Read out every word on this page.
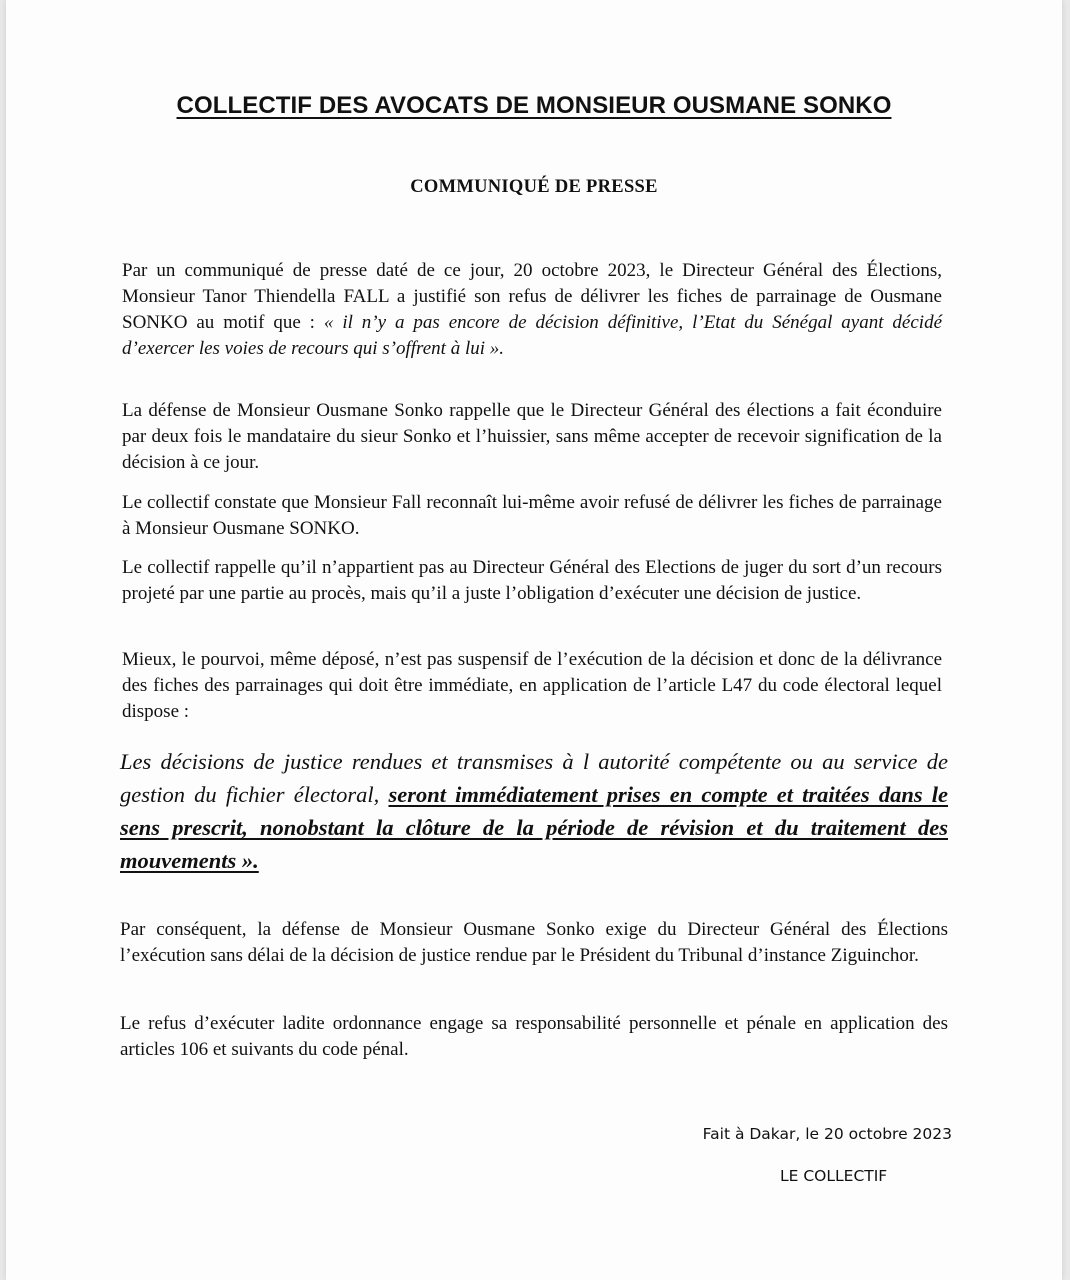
COLLECTIF DES AVOCATS DE MONSIEUR OUSMANE SONKO
COMMUNIQUÉ DE PRESSE

Par un communiqué de presse daté de ce jour, 20 octobre 2023, le Directeur Général des Élections, Monsieur Tanor Thiendella FALL a justifié son refus de délivrer les fiches de parrainage de Ousmane SONKO au motif que : « il n’y a pas encore de décision définitive, l’Etat du Sénégal ayant décidé d’exercer les voies de recours qui s’offrent à lui ».

La défense de Monsieur Ousmane Sonko rappelle que le Directeur Général des élections a fait éconduire par deux fois le mandataire du sieur Sonko et l’huissier, sans même accepter de recevoir signification de la décision à ce jour.

Le collectif constate que Monsieur Fall reconnaît lui-même avoir refusé de délivrer les fiches de parrainage à Monsieur Ousmane SONKO.

Le collectif rappelle qu’il n’appartient pas au Directeur Général des Elections de juger du sort d’un recours projeté par une partie au procès, mais qu’il a juste l’obligation d’exécuter une décision de justice.

Mieux, le pourvoi, même déposé, n’est pas suspensif de l’exécution de la décision et donc de la délivrance des fiches des parrainages qui doit être immédiate, en application de l’article L47 du code électoral lequel dispose :

Les décisions de justice rendues et transmises à l autorité compétente ou au service de gestion du fichier électoral, seront immédiatement prises en compte et traitées dans le sens prescrit, nonobstant la clôture de la période de révision et du traitement des mouvements ».

Par conséquent, la défense de Monsieur Ousmane Sonko exige du Directeur Général des Élections l’exécution sans délai de la décision de justice rendue par le Président du Tribunal d’instance Ziguinchor.

Le refus d’exécuter ladite ordonnance engage sa responsabilité personnelle et pénale en application des articles 106 et suivants du code pénal.

Fait à Dakar, le 20 octobre 2023

LE COLLECTIF
